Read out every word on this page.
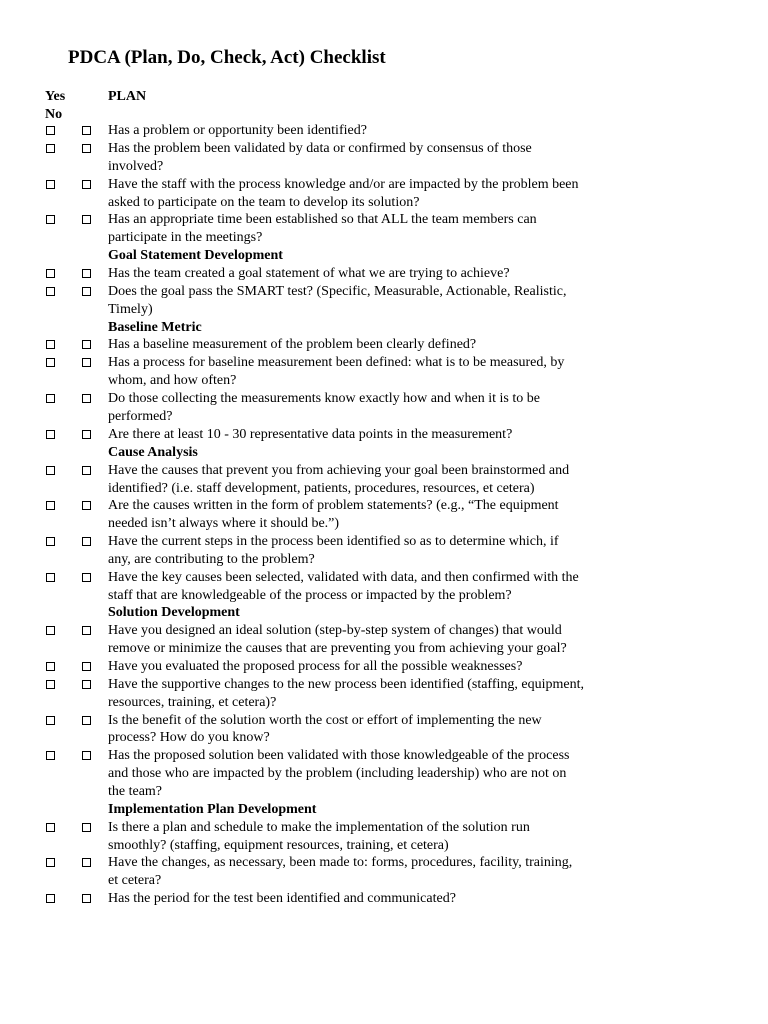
PDCA (Plan, Do, Check, Act) Checklist
Yes
No
PLAN
Has a problem or opportunity been identified?
Has the problem been validated by data or confirmed by consensus of those involved?
Have the staff with the process knowledge and/or are impacted by the problem been asked to participate on the team to develop its solution?
Has an appropriate time been established so that ALL the team members can participate in the meetings?
Goal Statement Development
Has the team created a goal statement of what we are trying to achieve?
Does the goal pass the SMART test? (Specific, Measurable, Actionable, Realistic, Timely)
Baseline Metric
Has a baseline measurement of the problem been clearly defined?
Has a process for baseline measurement been defined: what is to be measured, by whom, and how often?
Do those collecting the measurements know exactly how and when it is to be performed?
Are there at least 10 - 30 representative data points in the measurement?
Cause Analysis
Have the causes that prevent you from achieving your goal been brainstormed and identified? (i.e. staff development, patients, procedures, resources, et cetera)
Are the causes written in the form of problem statements? (e.g., “The equipment needed isn’t always where it should be.”)
Have the current steps in the process been identified so as to determine which, if any, are contributing to the problem?
Have the key causes been selected, validated with data, and then confirmed with the staff that are knowledgeable of the process or impacted by the problem?
Solution Development
Have you designed an ideal solution (step-by-step system of changes) that would remove or minimize the causes that are preventing you from achieving your goal?
Have you evaluated the proposed process for all the possible weaknesses?
Have the supportive changes to the new process been identified (staffing, equipment, resources, training, et cetera)?
Is the benefit of the solution worth the cost or effort of implementing the new process? How do you know?
Has the proposed solution been validated with those knowledgeable of the process and those who are impacted by the problem (including leadership) who are not on the team?
Implementation Plan Development
Is there a plan and schedule to make the implementation of the solution run smoothly? (staffing, equipment resources, training, et cetera)
Have the changes, as necessary, been made to: forms, procedures, facility, training, et cetera?
Has the period for the test been identified and communicated?
